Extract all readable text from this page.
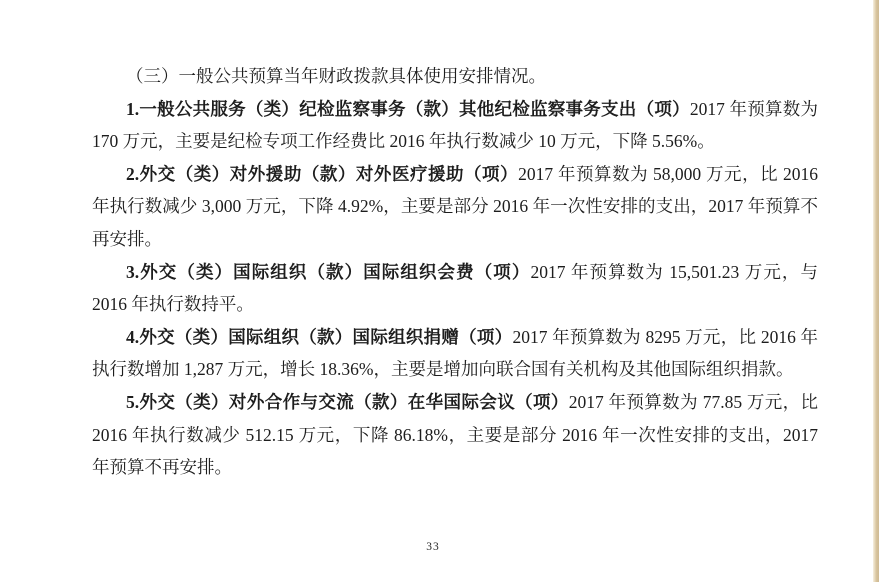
（三）一般公共预算当年财政拨款具体使用安排情况。

1.一般公共服务（类）纪检监察事务（款）其他纪检监察事务支出（项）2017 年预算数为 170 万元，主要是纪检专项工作经费比 2016 年执行数减少 10 万元，下降 5.56%。

2.外交（类）对外援助（款）对外医疗援助（项）2017 年预算数为 58,000 万元，比 2016 年执行数减少 3,000 万元，下降 4.92%，主要是部分 2016 年一次性安排的支出，2017 年预算不再安排。

3.外交（类）国际组织（款）国际组织会费（项）2017 年预算数为 15,501.23 万元，与 2016 年执行数持平。

4.外交（类）国际组织（款）国际组织捐赠（项）2017 年预算数为 8295 万元，比 2016 年执行数增加 1,287 万元，增长 18.36%，主要是增加向联合国有关机构及其他国际组织捐款。

5.外交（类）对外合作与交流（款）在华国际会议（项）2017 年预算数为 77.85 万元，比 2016 年执行数减少 512.15 万元，下降 86.18%，主要是部分 2016 年一次性安排的支出，2017 年预算不再安排。

33
